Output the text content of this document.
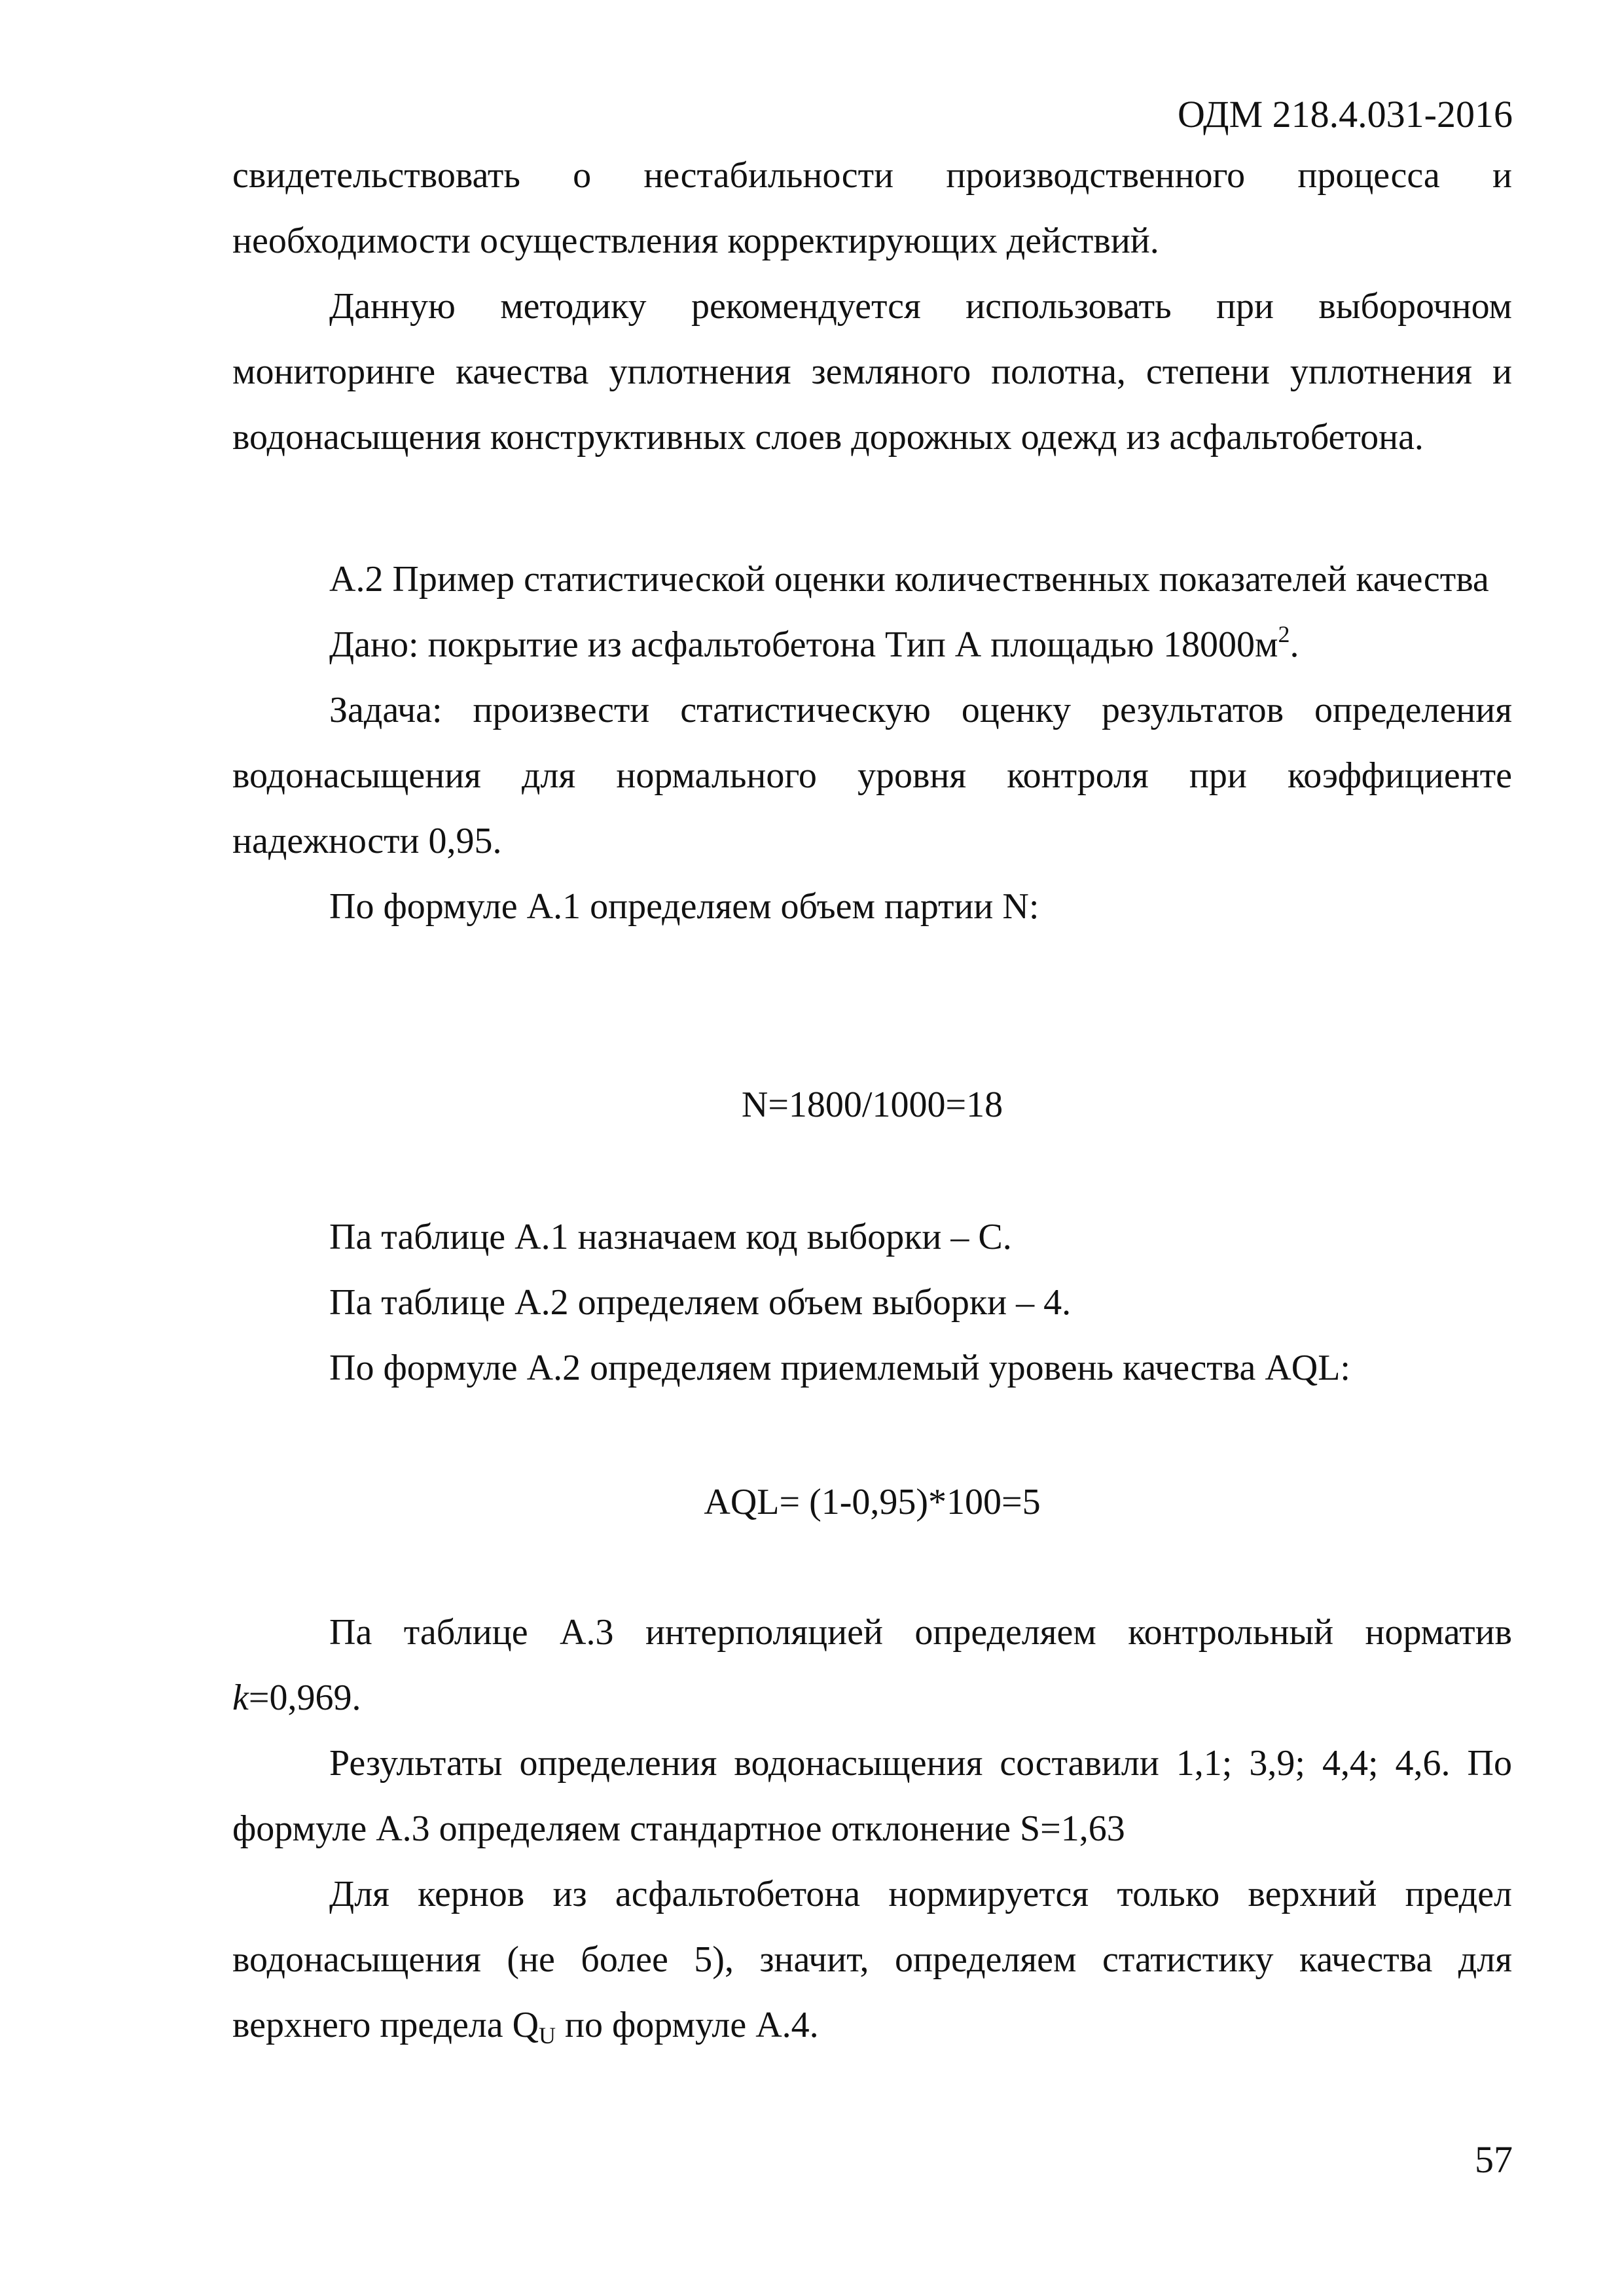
ОДМ 218.4.031-2016

свидетельствовать о нестабильности производственного процесса и необходимости осуществления корректирующих действий.

Данную методику рекомендуется использовать при выборочном мониторинге качества уплотнения земляного полотна, степени уплотнения и водонасыщения конструктивных слоев дорожных одежд из асфальтобетона.

А.2 Пример статистической оценки количественных показателей качества

Дано: покрытие из асфальтобетона Тип А площадью $18000м^2$.

Задача: произвести статистическую оценку результатов определения водонасыщения для нормального уровня контроля при коэффициенте надежности 0,95.

По формуле А.1 определяем объем партии N:

N=1800/1000=18

Па таблице А.1 назначаем код выборки – С.

Па таблице А.2 определяем объем выборки – 4.

По формуле А.2 определяем приемлемый уровень качества AQL:

AQL= (1-0,95)*100=5

Па таблице А.3 интерполяцией определяем контрольный норматив k=0,969.

Результаты определения водонасыщения составили 1,1; 3,9; 4,4; 4,6. По формуле А.3 определяем стандартное отклонение S=1,63

Для кернов из асфальтобетона нормируется только верхний предел водонасыщения (не более 5), значит, определяем статистику качества для верхнего предела $Q_U$ по формуле А.4.

57
